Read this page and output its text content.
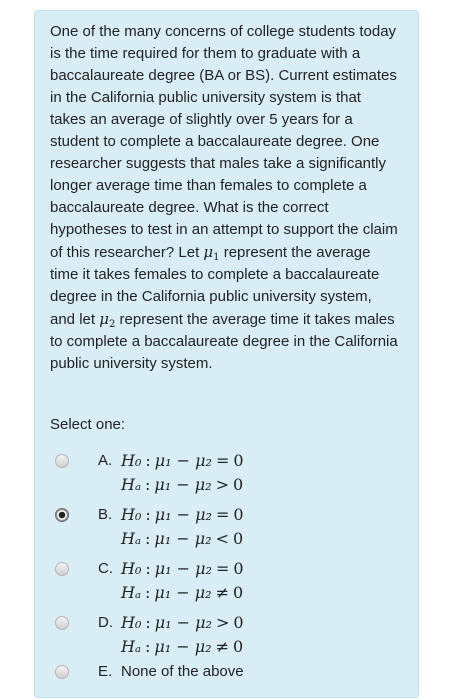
One of the many concerns of college students today is the time required for them to graduate with a baccalaureate degree (BA or BS). Current estimates in the California public university system is that takes an average of slightly over 5 years for a student to complete a baccalaureate degree. One researcher suggests that males take a significantly longer average time than females to complete a baccalaureate degree. What is the correct hypotheses to test in an attempt to support the claim of this researcher? Let $\mu_1$ represent the average time it takes females to complete a baccalaureate degree in the California public university system, and let $\mu_2$ represent the average time it takes males to complete a baccalaureate degree in the California public university system.

Select one:

A. H₀ : μ₁ − μ₂ = 0
Hₐ : μ₁ − μ₂ > 0
B. H₀ : μ₁ − μ₂ = 0
Hₐ : μ₁ − μ₂ < 0
C. H₀ : μ₁ − μ₂ = 0
Hₐ : μ₁ − μ₂ ≠ 0
D. H₀ : μ₁ − μ₂ > 0
Hₐ : μ₁ − μ₂ ≠ 0
E. None of the above
